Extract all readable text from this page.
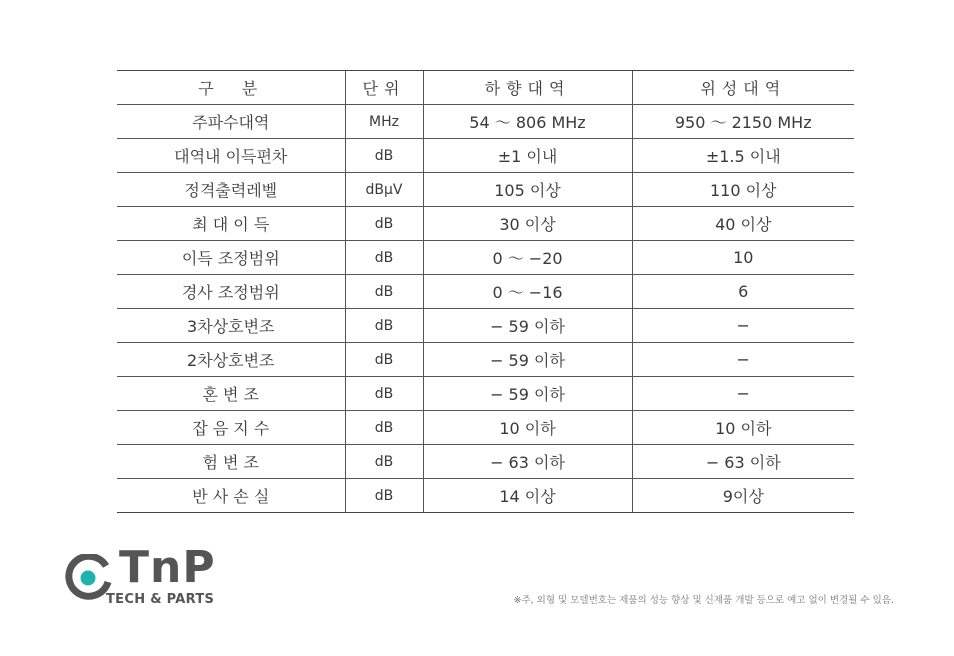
구　분	단위	하향대역	위성대역
주파수대역	MHz	54 ～ 806 MHz	950 ～ 2150 MHz
대역내 이득편차	dB	±1 이내	±1.5 이내
정격출력레벨	dBμV	105 이상	110 이상
최 대 이 득	dB	30 이상	40 이상
이득 조정범위	dB	0 ～ −20	10
경사 조정범위	dB	0 ～ −16	6
3차상호변조	dB	− 59 이하	−
2차상호변조	dB	− 59 이하	−
혼 변 조	dB	− 59 이하	−
잡 음 지 수	dB	10 이하	10 이하
험 변 조	dB	− 63 이하	− 63 이하
반 사 손 실	dB	14 이상	9이상
TnP
TECH & PARTS	※주, 외형 및 모델번호는 제품의 성능 향상 및 신제품 개발 등으로 예고 없이 변경될 수 있음.
